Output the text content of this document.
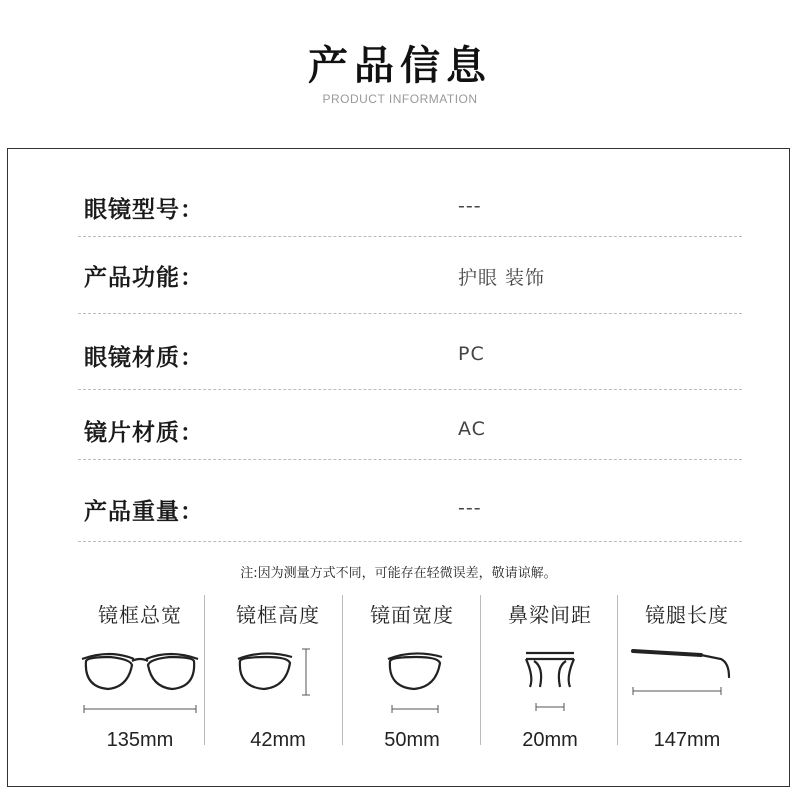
产品信息
PRODUCT INFORMATION
眼镜型号：	---
产品功能：	护眼 装饰
眼镜材质：	PC
镜片材质：	AC
产品重量：	---
注:因为测量方式不同，可能存在轻微误差，敬请谅解。
镜框总宽
135mm
镜框高度
42mm
镜面宽度
50mm
鼻梁间距
20mm
镜腿长度
147mm
